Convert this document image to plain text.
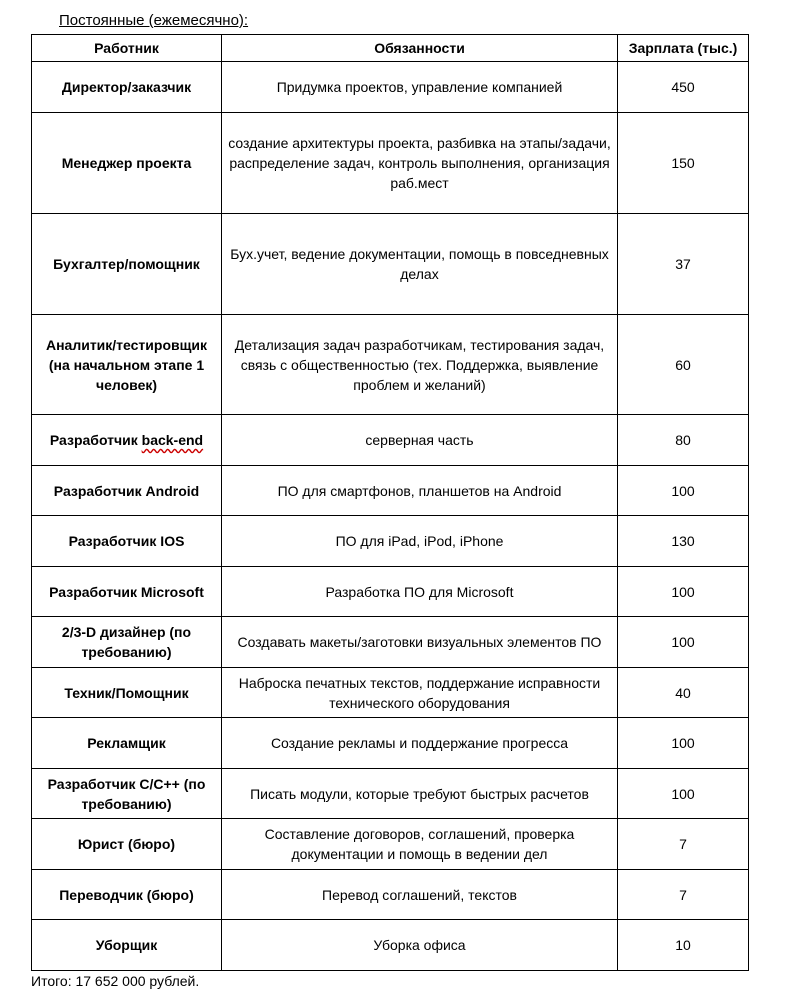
Постоянные (ежемесячно):
Работник	Обязанности	Зарплата (тыс.)
Директор/заказчик	Придумка проектов, управление компанией	450
Менеджер проекта	создание архитектуры проекта, разбивка на этапы/задачи, распределение задач, контроль выполнения, организация раб.мест	150
Бухгалтер/помощник	Бух.учет, ведение документации, помощь в повседневных делах	37
Аналитик/тестировщик (на начальном этапе 1 человек)	Детализация задач разработчикам, тестирования задач, связь с общественностью (тех. Поддержка, выявление проблем и желаний)	60
Разработчик back-end	серверная часть	80
Разработчик Android	ПО для смартфонов, планшетов на Android	100
Разработчик IOS	ПО для iPad, iPod, iPhone	130
Разработчик Microsoft	Разработка ПО для Microsoft	100
2/3-D дизайнер (по требованию)	Создавать макеты/заготовки визуальных элементов ПО	100
Техник/Помощник	Наброска печатных текстов, поддержание исправности технического оборудования	40
Рекламщик	Создание рекламы и поддержание прогресса	100
Разработчик С/С++ (по требованию)	Писать модули, которые требуют быстрых расчетов	100
Юрист (бюро)	Составление договоров, соглашений, проверка документации и помощь в ведении дел	7
Переводчик (бюро)	Перевод соглашений, текстов	7
Уборщик	Уборка офиса	10
Итого: 17 652 000 рублей.
